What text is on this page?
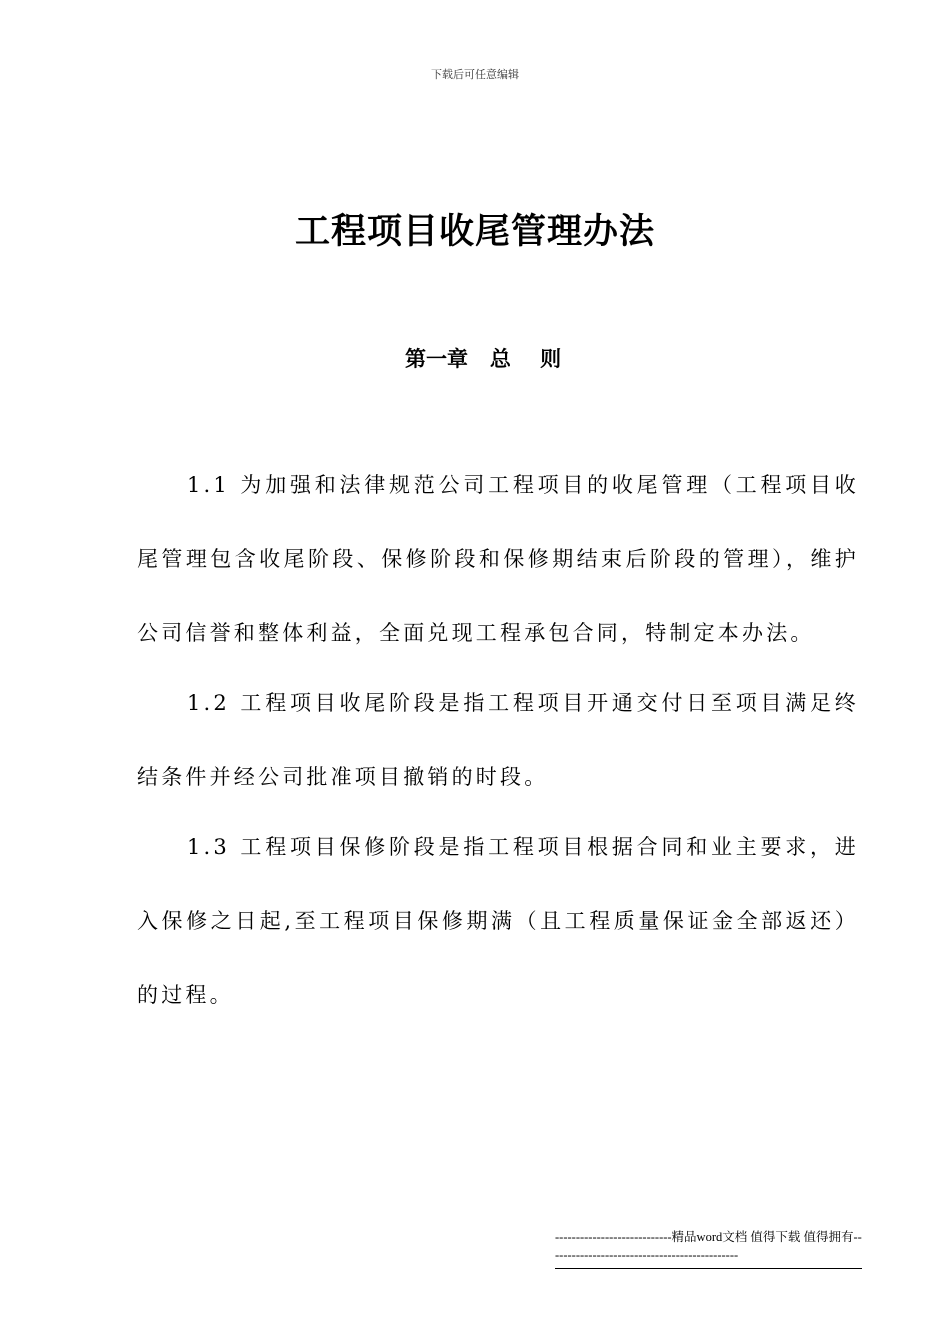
下载后可任意编辑
工程项目收尾管理办法
第一章   总    则

1.1 为加强和法律规范公司工程项目的收尾管理（工程项目收尾管理包含收尾阶段、保修阶段和保修期结束后阶段的管理），维护公司信誉和整体利益，全面兑现工程承包合同，特制定本办法。

1.2 工程项目收尾阶段是指工程项目开通交付日至项目满足终结条件并经公司批准项目撤销的时段。

1.3 工程项目保修阶段是指工程项目根据合同和业主要求，进入保修之日起,至工程项目保修期满（且工程质量保证金全部返还）的过程。

----------------------------精品word文档 值得下载 值得拥有----------------------------------------------
